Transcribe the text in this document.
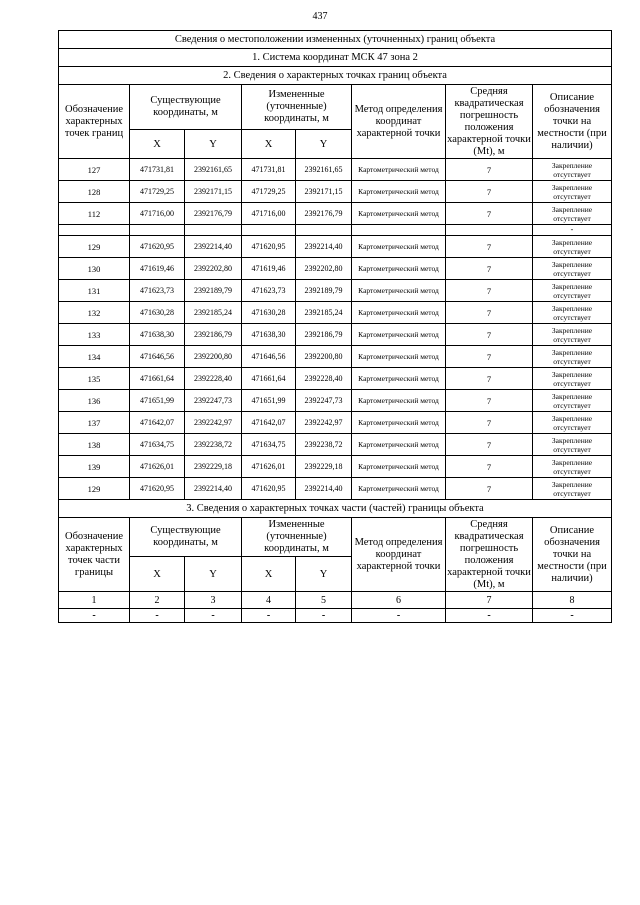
437
Сведения о местоположении измененных (уточненных) границ объекта							
1. Система координат МСК 47 зона 2							
2. Сведения о характерных точках границ объекта							
Обозначение характерных точек границ	Существующие координаты, м		Измененные (уточненные) координаты, м		Метод определения координат характерной точки	Средняя квадратическая погрешность положения характерной точки (Mt), м	Описание обозначения точки на местности (при наличии)
	X	Y	X	Y			
127	471731,81	2392161,65	471731,81	2392161,65	Картометрический метод	7	Закрепление отсутствует
128	471729,25	2392171,15	471729,25	2392171,15	Картометрический метод	7	Закрепление отсутствует
112	471716,00	2392176,79	471716,00	2392176,79	Картометрический метод	7	Закрепление отсутствует
							-
129	471620,95	2392214,40	471620,95	2392214,40	Картометрический метод	7	Закрепление отсутствует
130	471619,46	2392202,80	471619,46	2392202,80	Картометрический метод	7	Закрепление отсутствует
131	471623,73	2392189,79	471623,73	2392189,79	Картометрический метод	7	Закрепление отсутствует
132	471630,28	2392185,24	471630,28	2392185,24	Картометрический метод	7	Закрепление отсутствует
133	471638,30	2392186,79	471638,30	2392186,79	Картометрический метод	7	Закрепление отсутствует
134	471646,56	2392200,80	471646,56	2392200,80	Картометрический метод	7	Закрепление отсутствует
135	471661,64	2392228,40	471661,64	2392228,40	Картометрический метод	7	Закрепление отсутствует
136	471651,99	2392247,73	471651,99	2392247,73	Картометрический метод	7	Закрепление отсутствует
137	471642,07	2392242,97	471642,07	2392242,97	Картометрический метод	7	Закрепление отсутствует
138	471634,75	2392238,72	471634,75	2392238,72	Картометрический метод	7	Закрепление отсутствует
139	471626,01	2392229,18	471626,01	2392229,18	Картометрический метод	7	Закрепление отсутствует
129	471620,95	2392214,40	471620,95	2392214,40	Картометрический метод	7	Закрепление отсутствует
3. Сведения о характерных точках части (частей) границы объекта							
Обозначение характерных точек части границы	Существующие координаты, м		Измененные (уточненные) координаты, м		Метод определения координат характерной точки	Средняя квадратическая погрешность положения характерной точки (Mt), м	Описание обозначения точки на местности (при наличии)
	X	Y	X	Y			
1	2	3	4	5	6	7	8
-	-	-	-	-	-	-	-
